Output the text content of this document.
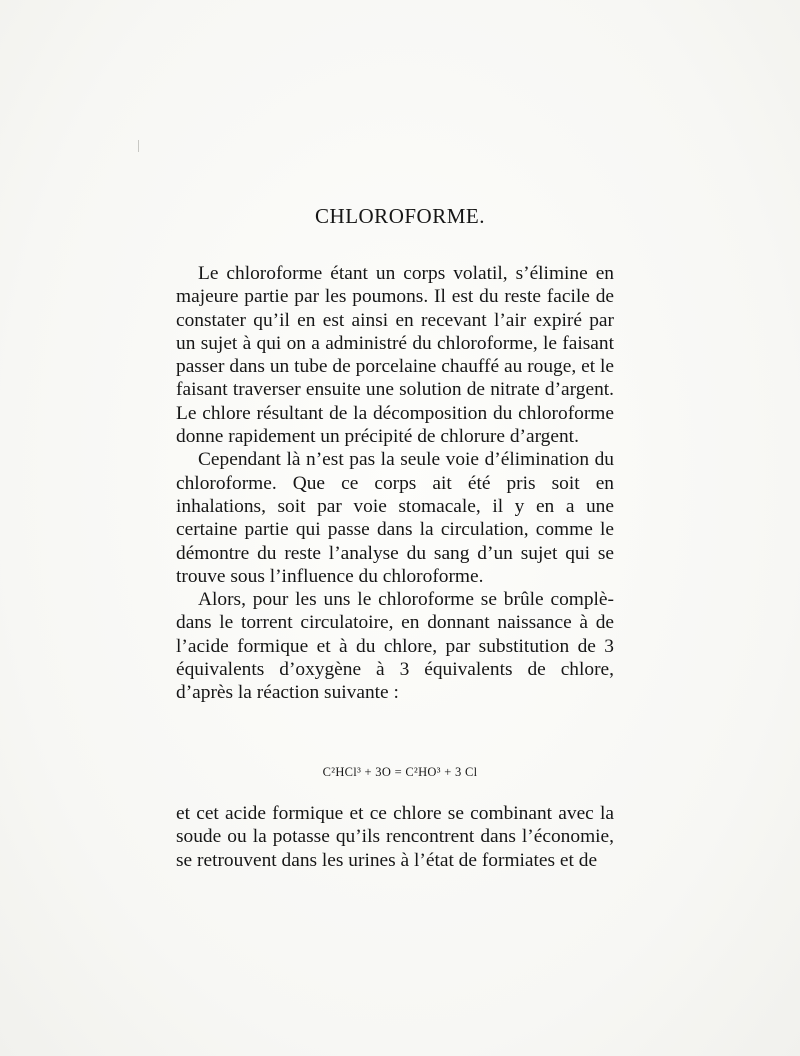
CHLOROFORME.

Le chloroforme étant un corps volatil, s’élimine en majeure partie par les poumons. Il est du reste facile de constater qu’il en est ainsi en recevant l’air expiré par un sujet à qui on a administré du chloroforme, le faisant passer dans un tube de porcelaine chauffé au rouge, et le faisant traverser ensuite une solution de nitrate d’argent. Le chlore résultant de la décomposition du chloroforme donne rapidement un précipité de chlorure d’argent.

Cependant là n’est pas la seule voie d’élimination du chloroforme. Que ce corps ait été pris soit en inhalations, soit par voie stomacale, il y en a une certaine partie qui passe dans la circulation, comme le démontre du reste l’analyse du sang d’un sujet qui se trouve sous l’influence du chloroforme.

Alors, pour les uns le chloroforme se brûle complè- dans le torrent circulatoire, en donnant naissance à de l’acide formique et à du chlore, par substitution de 3 équivalents d’oxygène à 3 équivalents de chlore, d’après la réaction suivante :

C²HCl³ + 3O = C²HO³ + 3 Cl

et cet acide formique et ce chlore se combinant avec la soude ou la potasse qu’ils rencontrent dans l’économie, se retrouvent dans les urines à l’état de formiates et de
